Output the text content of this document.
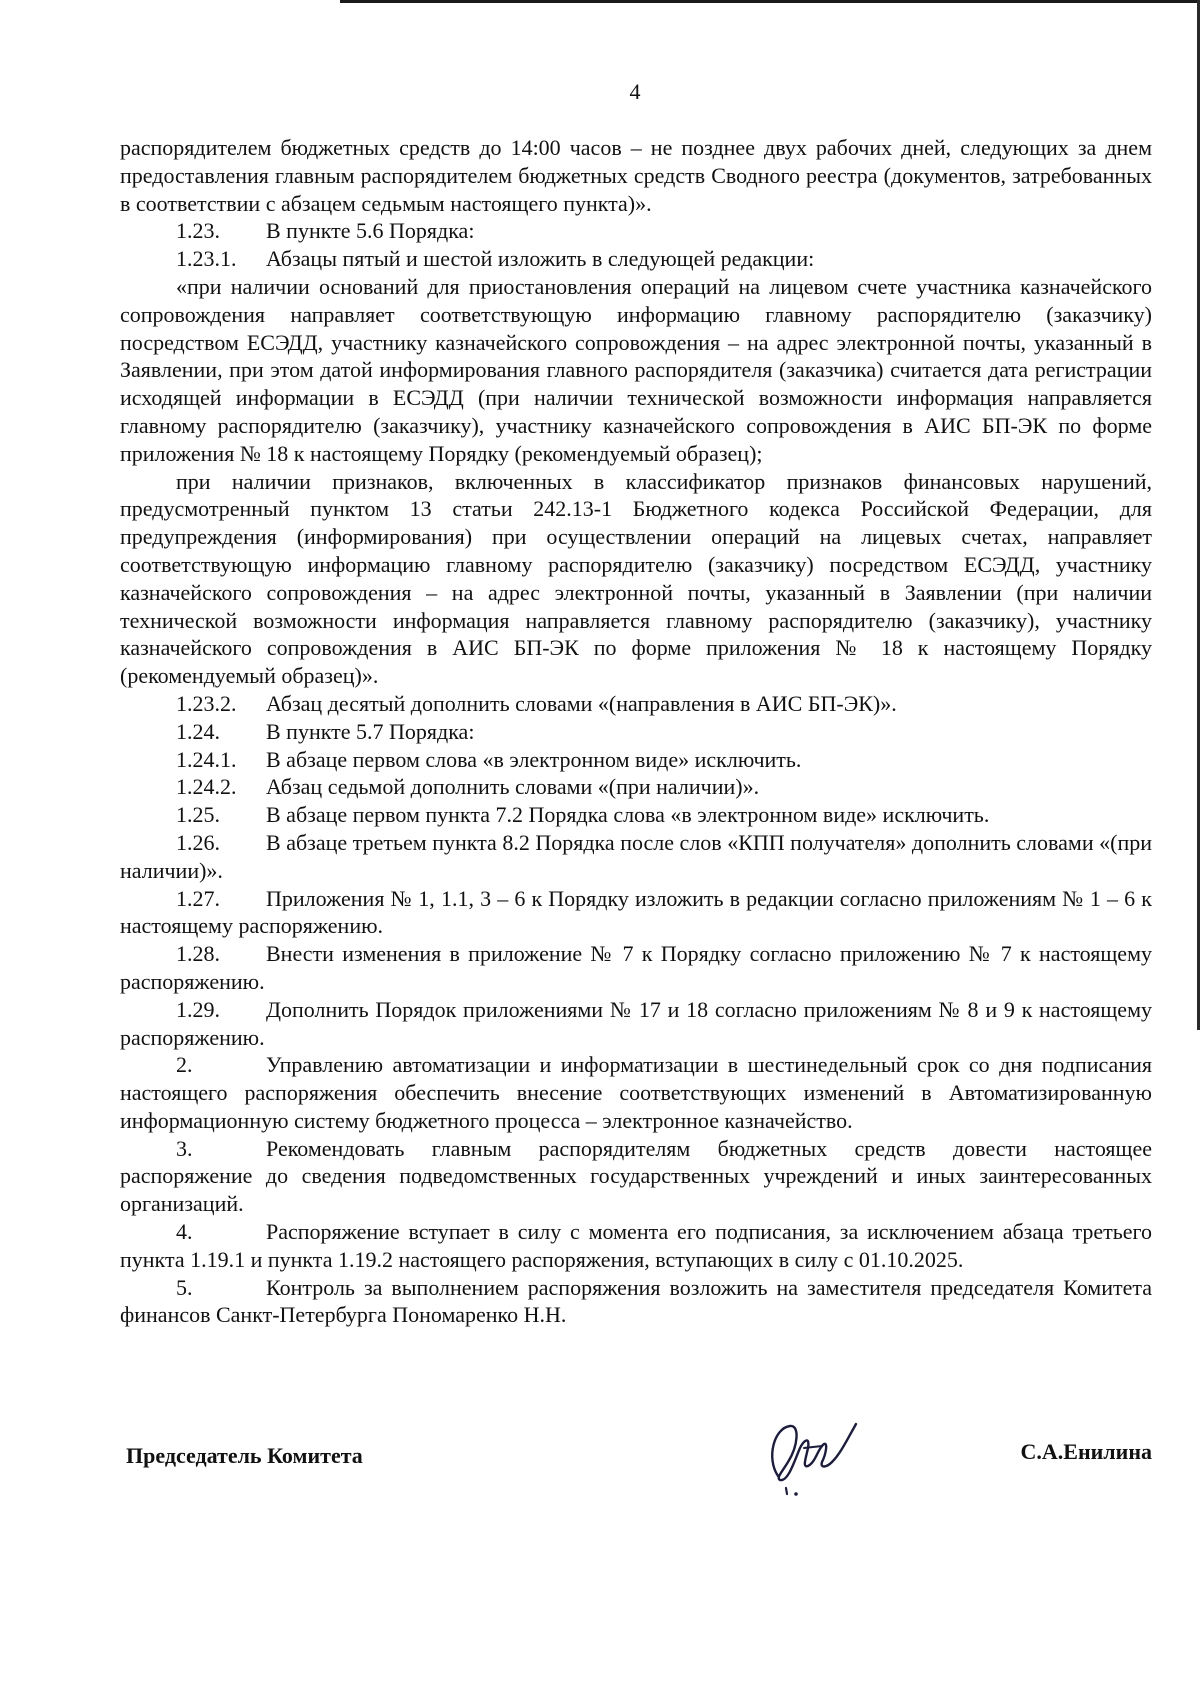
4

распорядителем бюджетных средств до 14:00 часов – не позднее двух рабочих дней, следующих за днем предоставления главным распорядителем бюджетных средств Сводного реестра (документов, затребованных в соответствии с абзацем седьмым настоящего пункта)».

1.23.	В пункте 5.6 Порядка:
1.23.1.	Абзацы пятый и шестой изложить в следующей редакции:

«при наличии оснований для приостановления операций на лицевом счете участника казначейского сопровождения направляет соответствующую информацию главному распорядителю (заказчику) посредством ЕСЭДД, участнику казначейского сопровождения – на адрес электронной почты, указанный в Заявлении, при этом датой информирования главного распорядителя (заказчика) считается дата регистрации исходящей информации в ЕСЭДД (при наличии технической возможности информация направляется главному распорядителю (заказчику), участнику казначейского сопровождения в АИС БП-ЭК по форме приложения № 18 к настоящему Порядку (рекомендуемый образец);

при наличии признаков, включенных в классификатор признаков финансовых нарушений, предусмотренный пунктом 13 статьи 242.13-1 Бюджетного кодекса Российской Федерации, для предупреждения (информирования) при осуществлении операций на лицевых счетах, направляет соответствующую информацию главному распорядителю (заказчику) посредством ЕСЭДД, участнику казначейского сопровождения – на адрес электронной почты, указанный в Заявлении (при наличии технической возможности информация направляется главному распорядителю (заказчику), участнику казначейского сопровождения в АИС БП-ЭК по форме приложения № 18 к настоящему Порядку (рекомендуемый образец)».

1.23.2.	Абзац десятый дополнить словами «(направления в АИС БП-ЭК)».
1.24.	В пункте 5.7 Порядка:
1.24.1.	В абзаце первом слова «в электронном виде» исключить.
1.24.2.	Абзац седьмой дополнить словами «(при наличии)».
1.25.	В абзаце первом пункта 7.2 Порядка слова «в электронном виде» исключить.

1.26. В абзаце третьем пункта 8.2 Порядка после слов «КПП получателя» дополнить словами «(при наличии)».

1.27. Приложения № 1, 1.1, 3 – 6 к Порядку изложить в редакции согласно приложениям № 1 – 6 к настоящему распоряжению.

1.28. Внести изменения в приложение № 7 к Порядку согласно приложению № 7 к настоящему распоряжению.

1.29. Дополнить Порядок приложениями № 17 и 18 согласно приложениям № 8 и 9 к настоящему распоряжению.

2.	Управлению автоматизации и информатизации в шестинедельный срок со дня подписания настоящего распоряжения обеспечить внесение соответствующих изменений в Автоматизированную информационную систему бюджетного процесса – электронное казначейство.

3.	Рекомендовать главным распорядителям бюджетных средств довести настоящее распоряжение до сведения подведомственных государственных учреждений и иных заинтересованных организаций.

4.	Распоряжение вступает в силу с момента его подписания, за исключением абзаца третьего пункта 1.19.1 и пункта 1.19.2 настоящего распоряжения, вступающих в силу с 01.10.2025.

5.	Контроль за выполнением распоряжения возложить на заместителя председателя Комитета финансов Санкт-Петербурга Пономаренко Н.Н.

Председатель Комитета	С.А.Енилина
